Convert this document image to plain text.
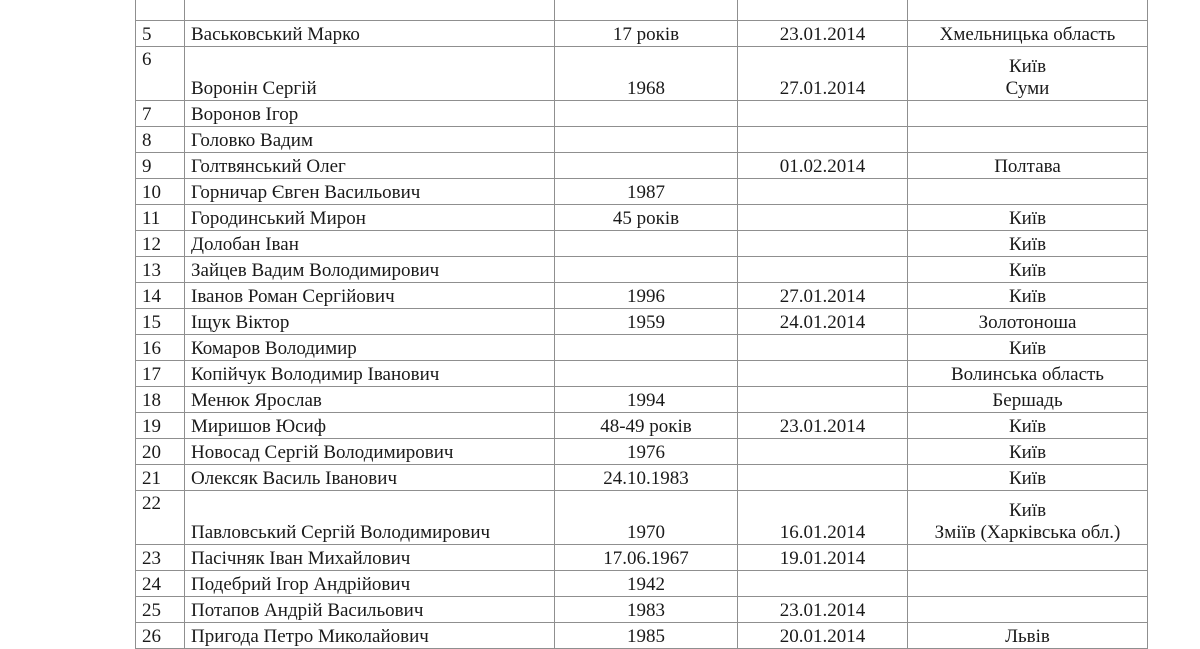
5	Васьковський Марко	17 років	23.01.2014	Хмельницька область

6	Воронін Сергій	1968	27.01.2014	Київ
Суми

7	Воронов Ігор			

8	Головко Вадим			

9	Голтвянський Олег		01.02.2014	Полтава

10	Горничар Євген Васильович	1987		

11	Городинський Мирон	45 років		Київ

12	Долобан Іван			Київ

13	Зайцев Вадим Володимирович			Київ

14	Іванов Роман Сергійович	1996	27.01.2014	Київ

15	Іщук Віктор	1959	24.01.2014	Золотоноша

16	Комаров Володимир			Київ

17	Копійчук Володимир Іванович			Волинська область

18	Менюк Ярослав	1994		Бершадь

19	Миришов Юсиф	48-49 років	23.01.2014	Київ

20	Новосад Сергій Володимирович	1976		Київ

21	Олексяк Василь Іванович	24.10.1983		Київ

22	Павловський Сергій Володимирович	1970	16.01.2014	Київ
Зміїв (Харківська обл.)

23	Пасічняк Іван Михайлович	17.06.1967	19.01.2014	

24	Подебрий Ігор Андрійович	1942		

25	Потапов Андрій Васильович	1983	23.01.2014	

26	Пригода Петро Миколайович	1985	20.01.2014	Львів
